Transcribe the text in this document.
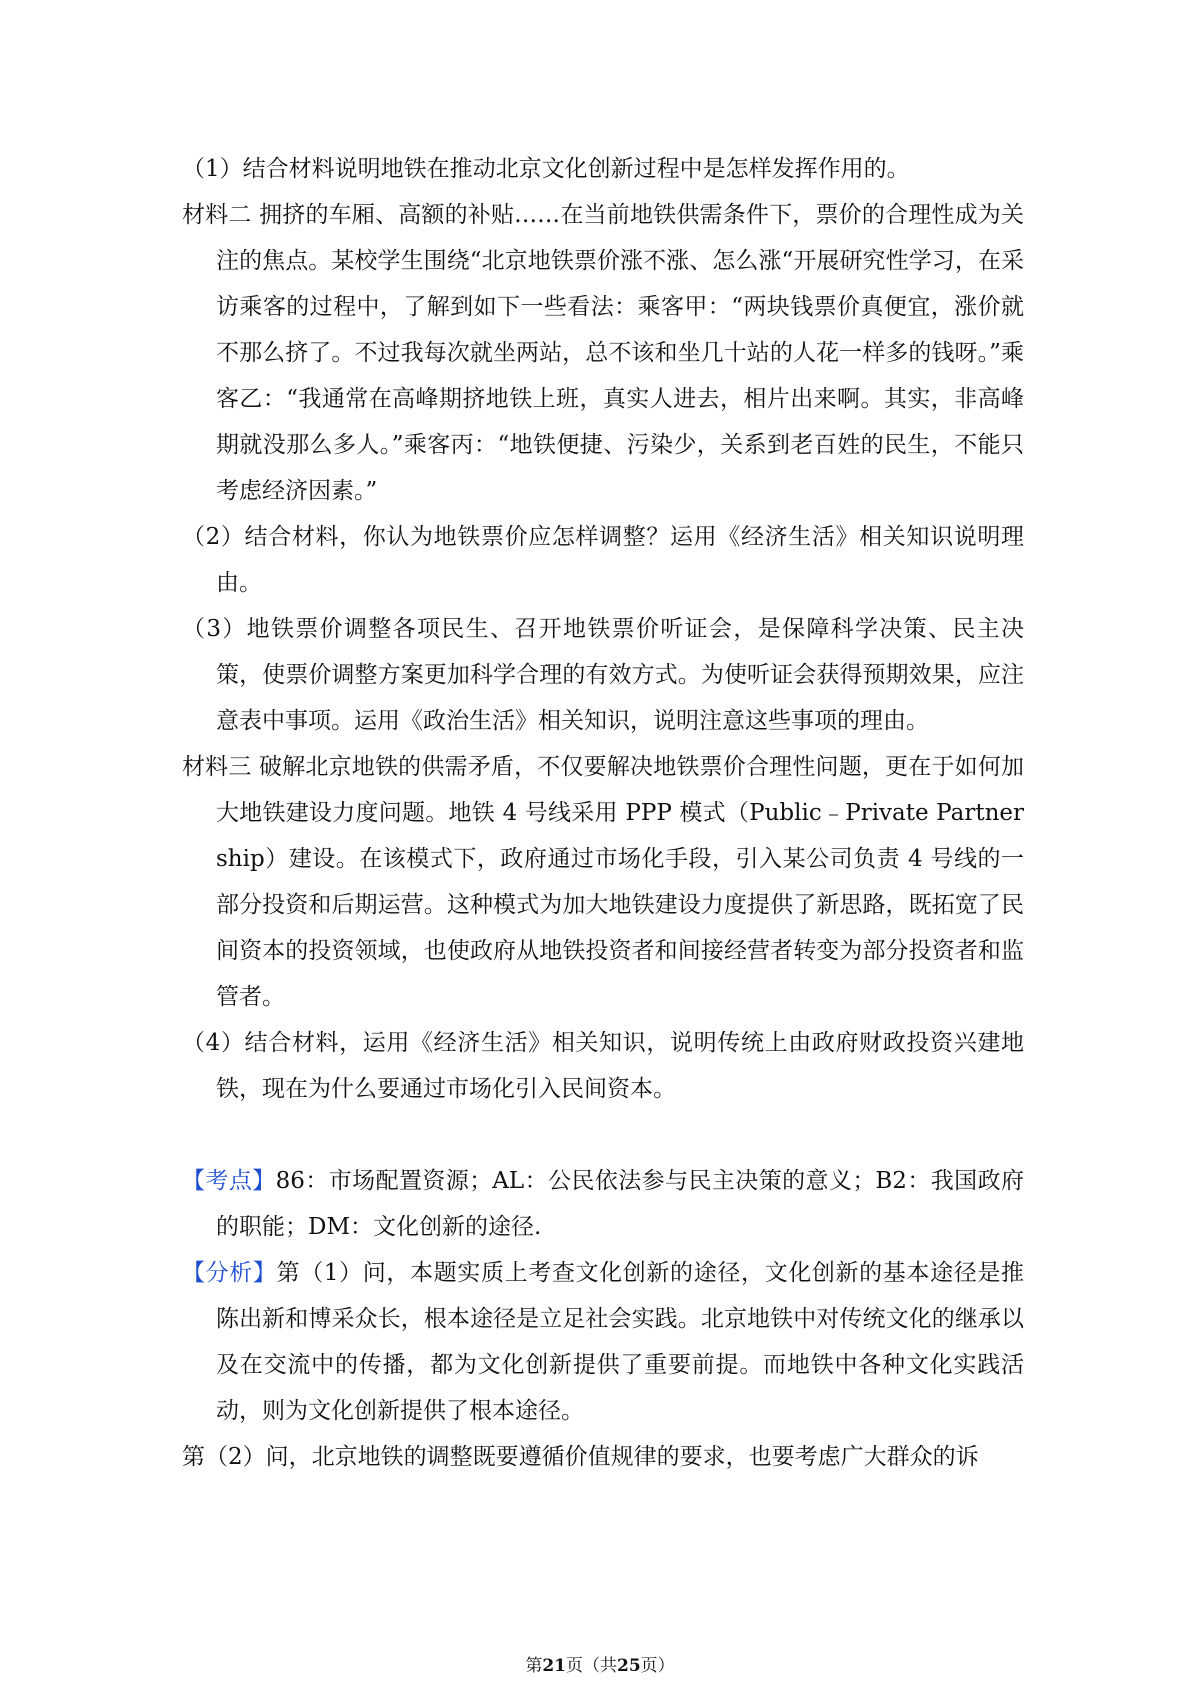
（1）结合材料说明地铁在推动北京文化创新过程中是怎样发挥作用的。

材料二 拥挤的车厢、高额的补贴……在当前地铁供需条件下，票价的合理性成为关注的焦点。某校学生围绕“北京地铁票价涨不涨、怎么涨“开展研究性学习，在采访乘客的过程中，了解到如下一些看法：乘客甲：“两块钱票价真便宜，涨价就不那么挤了。不过我每次就坐两站，总不该和坐几十站的人花一样多的钱呀。”乘客乙：“我通常在高峰期挤地铁上班，真实人进去，相片出来啊。其实，非高峰期就没那么多人。”乘客丙：“地铁便捷、污染少，关系到老百姓的民生，不能只考虑经济因素。”

（2）结合材料，你认为地铁票价应怎样调整？运用《经济生活》相关知识说明理由。

（3）地铁票价调整各项民生、召开地铁票价听证会，是保障科学决策、民主决策，使票价调整方案更加科学合理的有效方式。为使听证会获得预期效果，应注意表中事项。运用《政治生活》相关知识，说明注意这些事项的理由。

材料三 破解北京地铁的供需矛盾，不仅要解决地铁票价合理性问题，更在于如何加大地铁建设力度问题。地铁 4 号线采用 PPP 模式（Public﹣Private Partnership）建设。在该模式下，政府通过市场化手段，引入某公司负责 4 号线的一部分投资和后期运营。这种模式为加大地铁建设力度提供了新思路，既拓宽了民间资本的投资领域，也使政府从地铁投资者和间接经营者转变为部分投资者和监管者。

（4）结合材料，运用《经济生活》相关知识，说明传统上由政府财政投资兴建地铁，现在为什么要通过市场化引入民间资本。

【考点】86：市场配置资源；AL：公民依法参与民主决策的意义；B2：我国政府的职能；DM：文化创新的途径.

【分析】第（1）问，本题实质上考查文化创新的途径，文化创新的基本途径是推陈出新和博采众长，根本途径是立足社会实践。北京地铁中对传统文化的继承以及在交流中的传播，都为文化创新提供了重要前提。而地铁中各种文化实践活动，则为文化创新提供了根本途径。

第（2）问，北京地铁的调整既要遵循价值规律的要求，也要考虑广大群众的诉

第21页（共25页）
